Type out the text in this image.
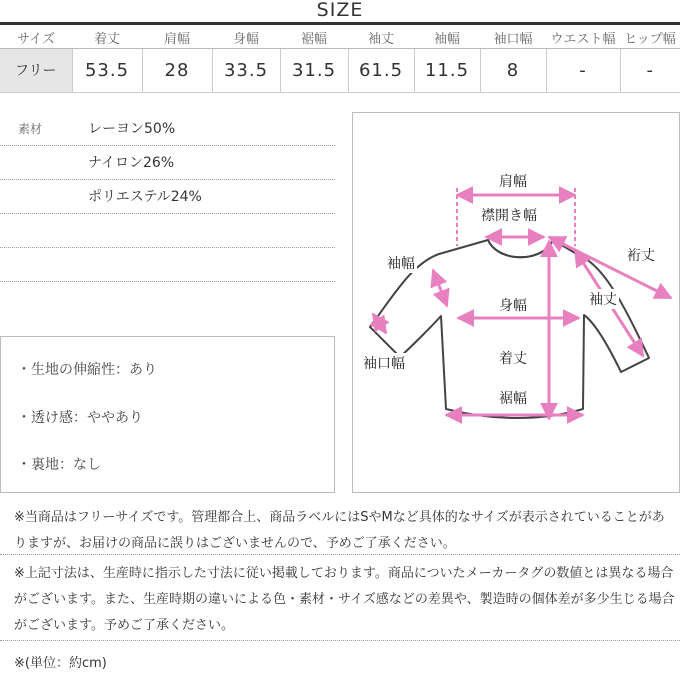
SIZE
サイズ	着丈	肩幅	身幅	裾幅	袖丈	袖幅	袖口幅	ウエスト幅	ヒップ幅
フリー	53.5	28	33.5	31.5	61.5	11.5	8	-	-
素材	レーヨン50%
ナイロン26%
ポリエステル24%
・生地の伸縮性：あり
・透け感：ややあり
・裏地：なし
肩幅
襟開き幅
裄丈
袖幅
袖丈
身幅
袖口幅	着丈
裾幅
※当商品はフリーサイズです。管理都合上、商品ラベルにはSやMなど具体的なサイズが表示されていることがありますが、お届けの商品に誤りはございませんので、予めご了承ください。
※上記寸法は、生産時に指示した寸法に従い掲載しております。商品についたメーカータグの数値とは異なる場合がございます。また、生産時期の違いによる色・素材・サイズ感などの差異や、製造時の個体差が多少生じる場合がございます。予めご了承ください。
※(単位：約cm)
